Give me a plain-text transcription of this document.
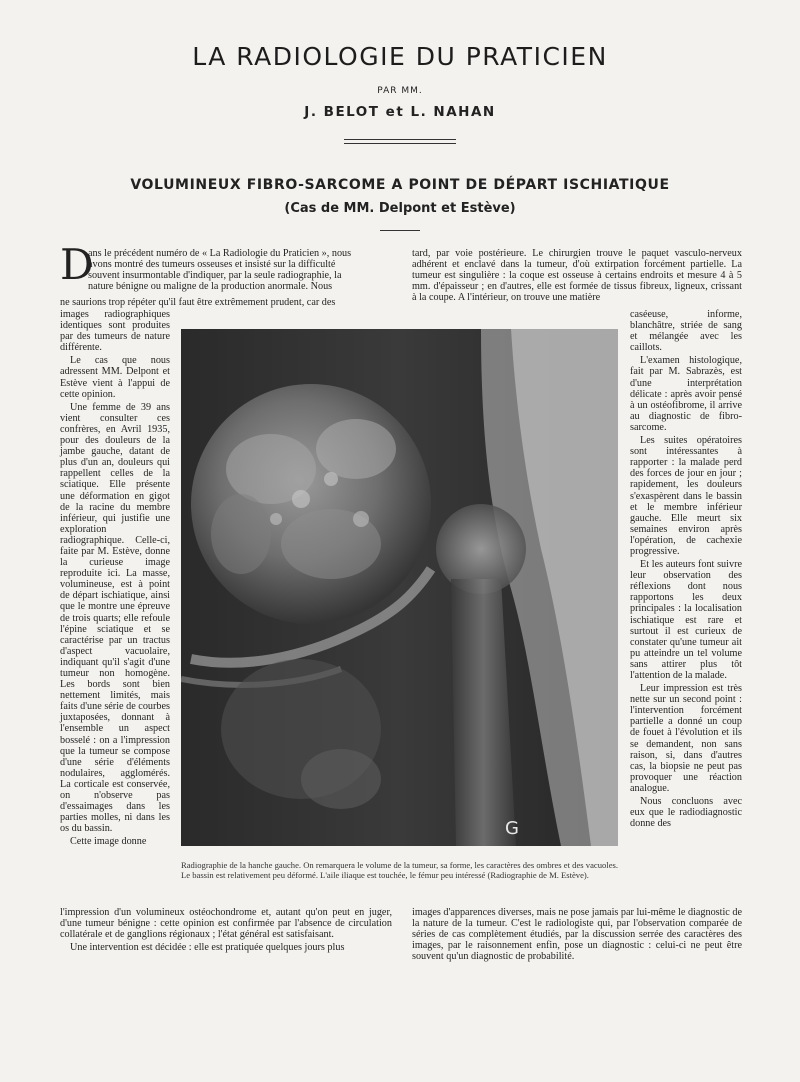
LA RADIOLOGIE DU PRATICIEN
PAR MM.
J. BELOT et L. NAHAN
VOLUMINEUX FIBRO-SARCOME A POINT DE DÉPART ISCHIATIQUE
(Cas de MM. Delpont et Estève)
D
ans le précédent numéro de « La Radiologie du Praticien », nous
avons montré des tumeurs osseuses et insisté sur la difficulté
souvent insurmontable d'indiquer, par la seule radiographie, la
nature bénigne ou maligne de la production anormale. Nous
ne saurions trop répéter qu'il faut être extrêmement prudent, car des
tard, par voie postérieure. Le chirurgien trouve le paquet vasculo-nerveux adhérent et enclavé dans la tumeur, d'où extirpation forcément partielle. La tumeur est singulière : la coque est osseuse à certains endroits et mesure 4 à 5 mm. d'épaisseur ; en d'autres, elle est formée de tissus fibreux, ligneux, crissant à la coupe. A l'intérieur, on trouve une matière

images radiographiques identiques sont produites par des tumeurs de nature différente.

Le cas que nous adressent MM. Delpont et Estève vient à l'appui de cette opinion.

Une femme de 39 ans vient consulter ces confrères, en Avril 1935, pour des douleurs de la jambe gauche, datant de plus d'un an, douleurs qui rappellent celles de la sciatique. Elle présente une déformation en gigot de la racine du membre inférieur, qui justifie une exploration radiographique. Celle-ci, faite par M. Estève, donne la curieuse image reproduite ici. La masse, volumineuse, est à point de départ ischiatique, ainsi que le montre une épreuve de trois quarts; elle refoule l'épine sciatique et se caractérise par un tractus d'aspect vacuolaire, indiquant qu'il s'agit d'une tumeur non homogène. Les bords sont bien nettement limités, mais faits d'une série de courbes juxtaposées, donnant à l'ensemble un aspect bosselé : on a l'impression que la tumeur se compose d'une série d'éléments nodulaires, agglomérés. La corticale est conservée, on n'observe pas d'essaimages dans les parties molles, ni dans les os du bassin.

Cette image donne

caséeuse, informe, blanchâtre, striée de sang et mélangée avec les caillots.

L'examen histologique, fait par M. Sabrazès, est d'une interprétation délicate : après avoir pensé à un ostéofibrome, il arrive au diagnostic de fibro-sarcome.

Les suites opératoires sont intéressantes à rapporter : la malade perd des forces de jour en jour ; rapidement, les douleurs s'exaspèrent dans le bassin et le membre inférieur gauche. Elle meurt six semaines environ après l'opération, de cachexie progressive.

Et les auteurs font suivre leur observation des réflexions dont nous rapportons les deux principales : la localisation ischiatique est rare et surtout il est curieux de constater qu'une tumeur ait pu atteindre un tel volume sans attirer plus tôt l'attention de la malade.

Leur impression est très nette sur un second point : l'intervention forcément partielle a donné un coup de fouet à l'évolution et ils se demandent, non sans raison, si, dans d'autres cas, la biopsie ne peut pas provoquer une réaction analogue.

Nous concluons avec eux que le radiodiagnostic donne des

G
Radiographie de la hanche gauche. On remarquera le volume de la tumeur, sa forme, les caractères des ombres et des vacuoles. Le bassin est relativement peu déformé. L'aile iliaque est touchée, le fémur peu intéressé (Radiographie de M. Estève).

l'impression d'un volumineux ostéochondrome et, autant qu'on peut en juger, d'une tumeur bénigne : cette opinion est confirmée par l'absence de circulation collatérale et de ganglions régionaux ; l'état général est satisfaisant.

Une intervention est décidée : elle est pratiquée quelques jours plus

images d'apparences diverses, mais ne pose jamais par lui-même le diagnostic de la nature de la tumeur. C'est le radiologiste qui, par l'observation comparée de séries de cas complètement étudiés, par la discussion serrée des caractères des images, par le raisonnement enfin, pose un diagnostic : celui-ci ne peut être souvent qu'un diagnostic de probabilité.
